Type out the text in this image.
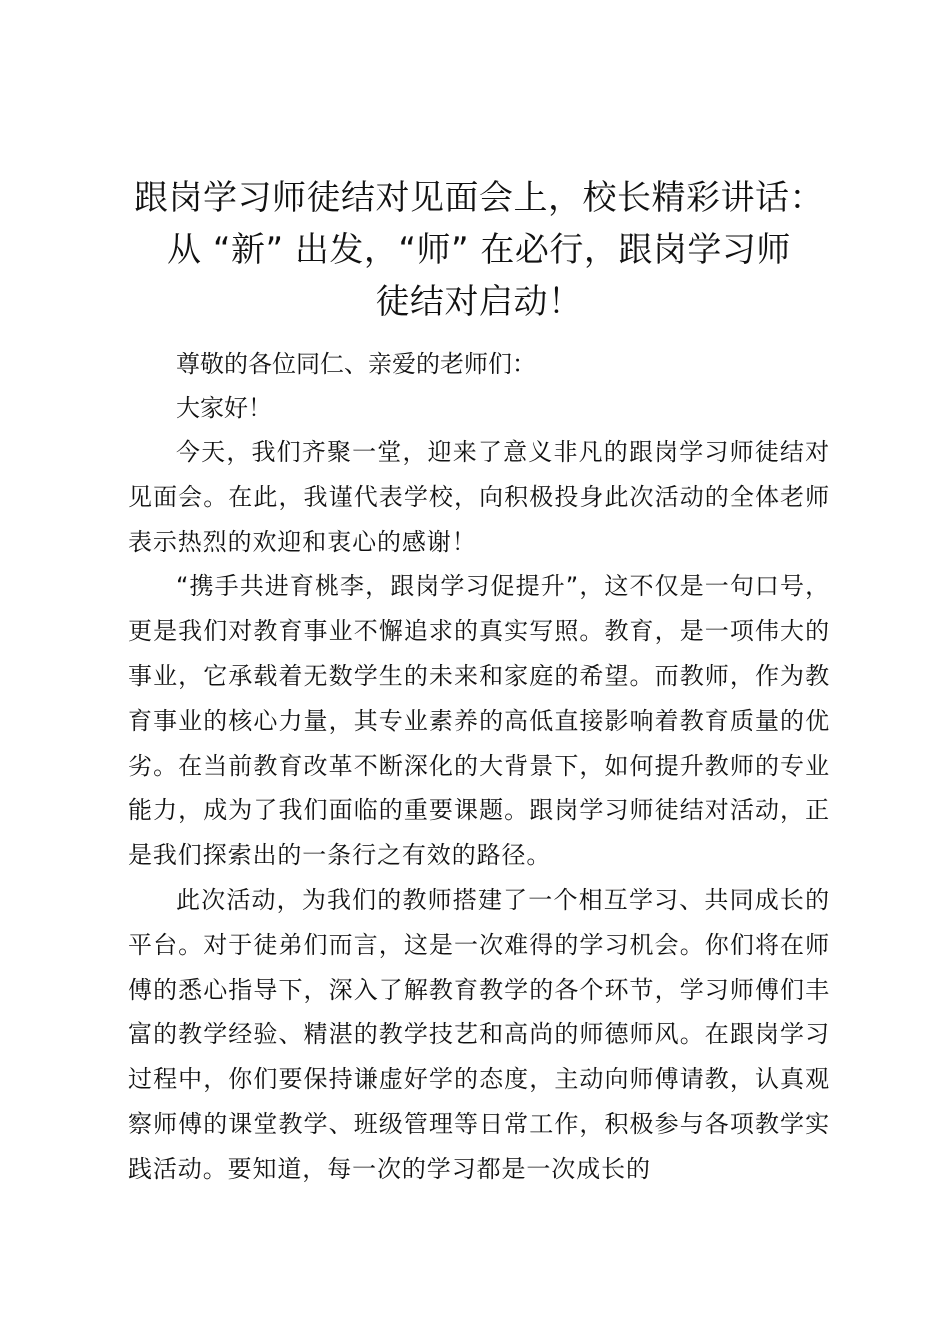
跟岗学习师徒结对见面会上，校长精彩讲话：
从 “新” 出发，“师” 在必行，跟岗学习师
徒结对启动！

尊敬的各位同仁、亲爱的老师们：

大家好！

今天，我们齐聚一堂，迎来了意义非凡的跟岗学习师徒结对见面会。在此，我谨代表学校，向积极投身此次活动的全体老师表示热烈的欢迎和衷心的感谢！

“携手共进育桃李，跟岗学习促提升”，这不仅是一句口号，更是我们对教育事业不懈追求的真实写照。教育，是一项伟大的事业，它承载着无数学生的未来和家庭的希望。而教师，作为教育事业的核心力量，其专业素养的高低直接影响着教育质量的优劣。在当前教育改革不断深化的大背景下，如何提升教师的专业能力，成为了我们面临的重要课题。跟岗学习师徒结对活动，正是我们探索出的一条行之有效的路径。

此次活动，为我们的教师搭建了一个相互学习、共同成长的平台。对于徒弟们而言，这是一次难得的学习机会。你们将在师傅的悉心指导下，深入了解教育教学的各个环节，学习师傅们丰富的教学经验、精湛的教学技艺和高尚的师德师风。在跟岗学习过程中，你们要保持谦虚好学的态度，主动向师傅请教，认真观察师傅的课堂教学、班级管理等日常工作，积极参与各项教学实践活动。要知道，每一次的学习都是一次成长的
